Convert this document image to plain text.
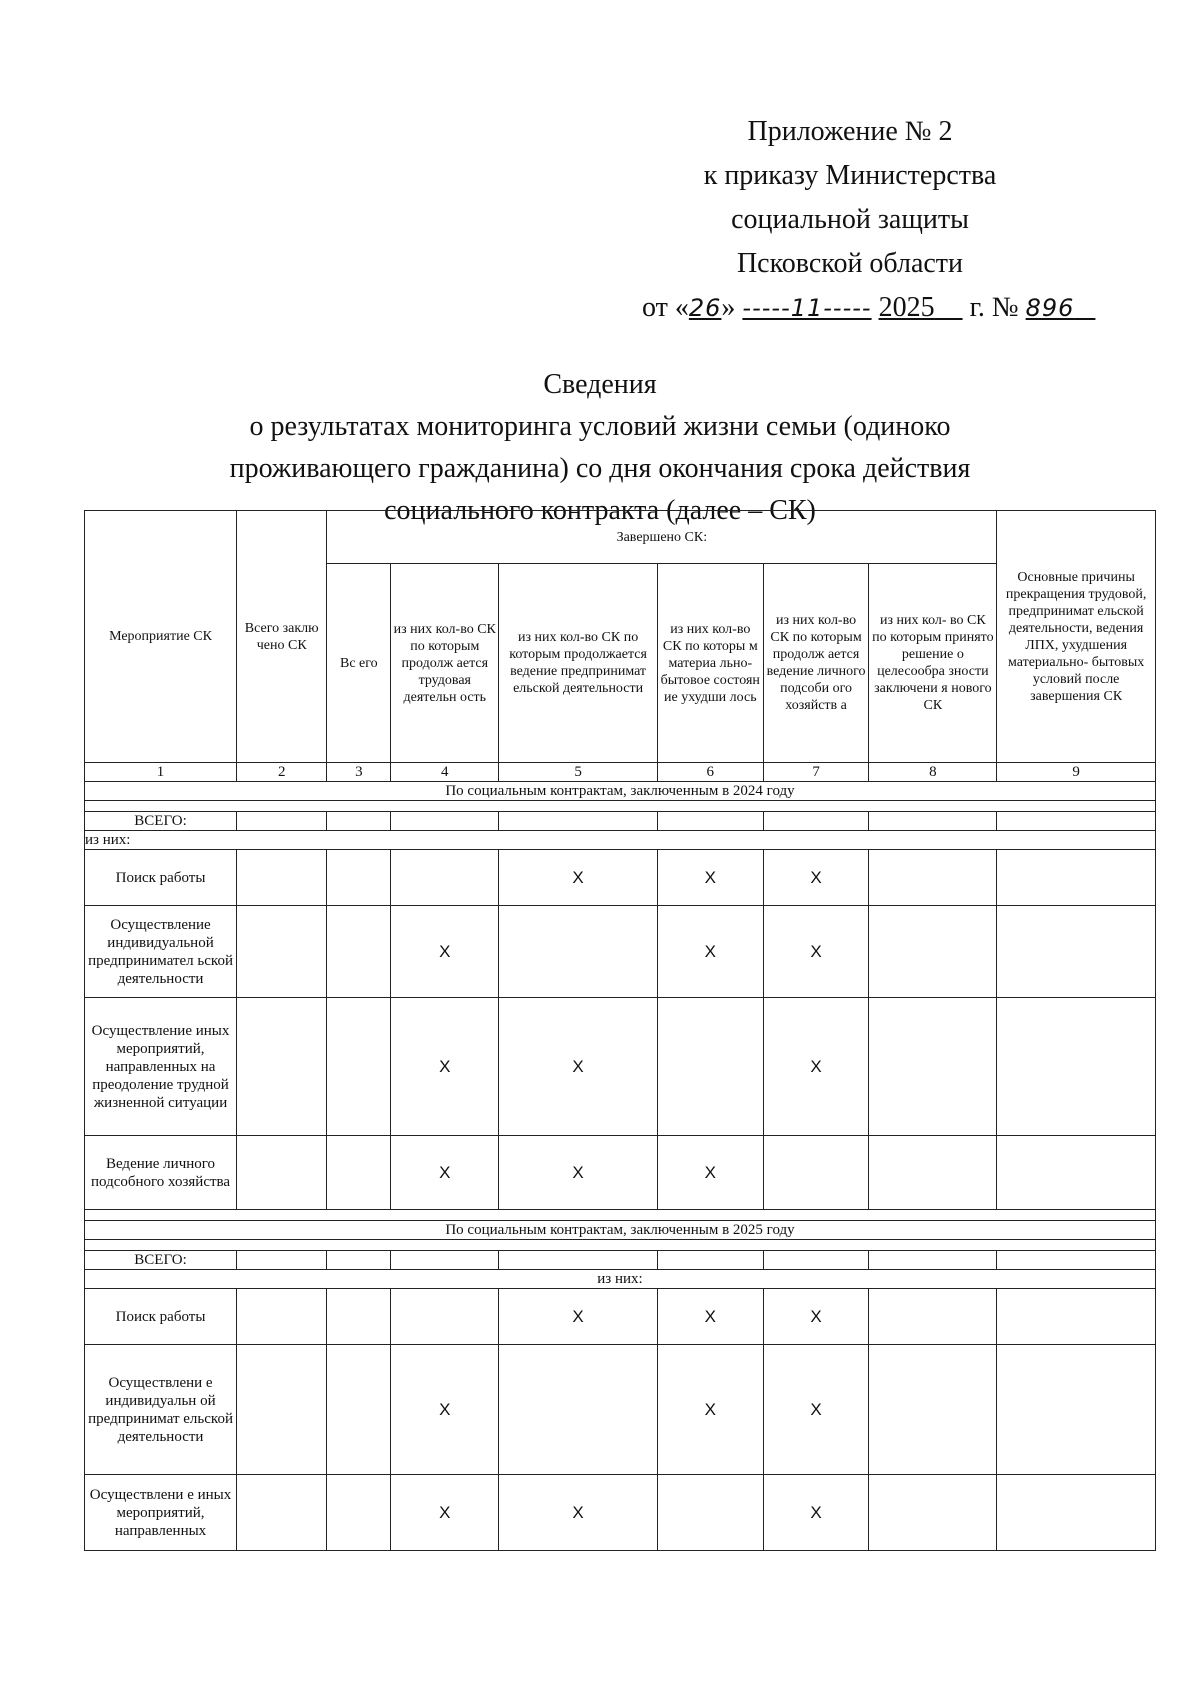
Приложение № 2
к приказу Министерства
социальной защиты
Псковской области
от «26» -----11----- 2025 г. № 896
Сведения
о результатах мониторинга условий жизни семьи (одиноко
проживающего гражданина) со дня окончания срока действия
социального контракта (далее – СК)
Мероприятие СК	Всего заклю чено СК	Завершено СК:						Основные причины прекращения трудовой, предпринимат ельской деятельности, ведения ЛПХ, ухудшения материально- бытовых условий после завершения СК
		Вс его	из них кол-во СК по которым продолж ается трудовая деятельн ость	из них кол-во СК по которым продолжается ведение предпринимат ельской деятельности	из них кол-во СК по которы м материа льно- бытовое состоян ие ухудши лось	из них кол-во СК по которым продолж ается ведение личного подсоби ого хозяйств а	из них кол- во СК по которым принято решение о целесообра зности заключени я нового СК	
1	2	3	4	5	6	7	8	9
По социальным контрактам, заключенным в 2024 году								

ВСЕГО:								
из них:								
Поиск работы				X	X	X		
Осуществление индивидуальной предпринимател ьской деятельности			X		X	X		
Осуществление иных мероприятий, направленных на преодоление трудной жизненной ситуации			X	X		X		
Ведение личного подсобного хозяйства			X	X	X			

По социальным контрактам, заключенным в 2025 году								

ВСЕГО:								
из них:								
Поиск работы				X	X	X		
Осуществлени е индивидуальн ой предпринимат ельской деятельности			X		X	X		
Осуществлени е иных мероприятий, направленных			X	X		X		
